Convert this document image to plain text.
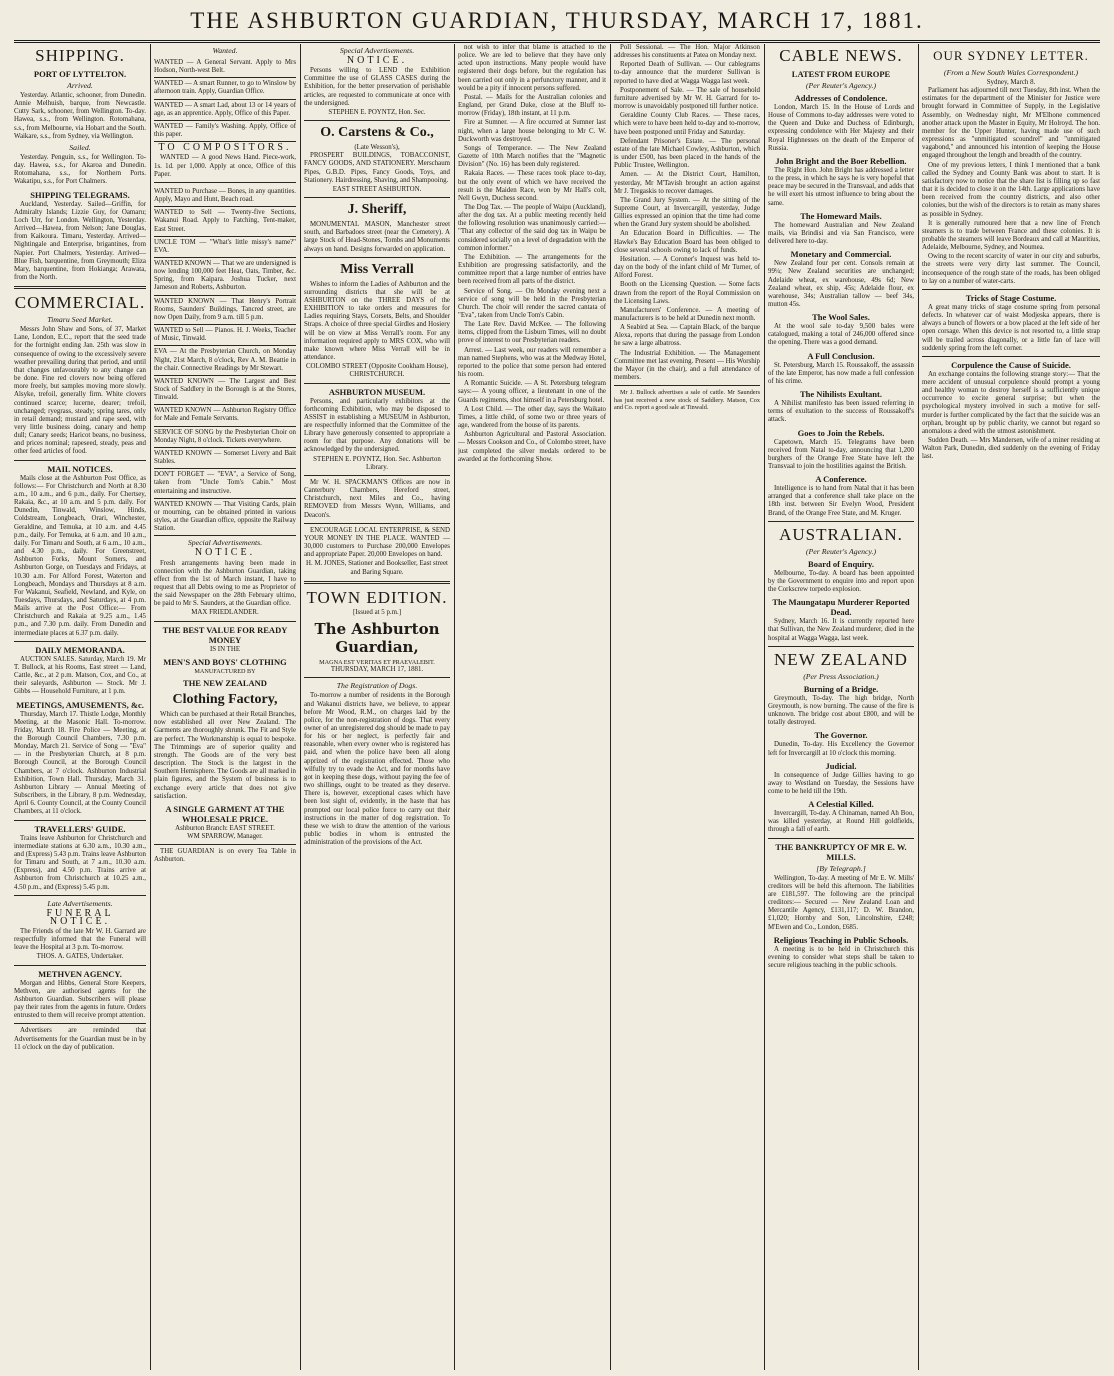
THE ASHBURTON GUARDIAN, THURSDAY, MARCH 17, 1881.
SHIPPING.
PORT OF LYTTELTON.
Arrived.

Yesterday. Atlantic, schooner, from Dunedin. Annie Melhuish, barque, from Newcastle. Cutty Sark, schooner, from Wellington. To-day. Hawea, s.s., from Wellington. Rotomahana, s.s., from Melbourne, via Hobart and the South. Waikare, s.s., from Sydney, via Wellington.

Sailed.

Yesterday. Penguin, s.s., for Wellington. To-day. Hawea, s.s., for Akaroa and Dunedin. Rotomahana, s.s., for Northern Ports. Wakatipu, s.s., for Port Chalmers.

SHIPPING TELEGRAMS.

Auckland, Yesterday. Sailed—Griffin, for Admiralty Islands; Lizzie Guy, for Oamaru; Loch Urr, for London. Wellington, Yesterday. Arrived—Hawea, from Nelson; Jane Douglas, from Kaikoura. Timaru, Yesterday. Arrived—Nightingale and Enterprise, brigantines, from Napier. Port Chalmers, Yesterday. Arrived—Blue Fish, barquentine, from Greymouth; Eliza Mary, barquentine, from Hokianga; Arawata, from the North.

COMMERCIAL.
Timaru Seed Market.

Messrs John Shaw and Sons, of 37, Market Lane, London, E.C., report that the seed trade for the fortnight ending Jan. 25th was slow in consequence of owing to the excessively severe weather prevailing during that period, and until that changes unfavourably to any change can be done. Fine red clovers now being offered more freely, but samples moving more slowly. Alsyke, trefoil, generally firm. White clovers continued scarce; lucerne, dearer; trefoil, unchanged; ryegrass, steady; spring tares, only in retail demand; mustard and rape seed, with very little business doing, canary and hemp dull; Canary seeds; Haricot beans, no business, and prices nominal; rapeseed, steady, peas and other feed articles of food.

MAIL NOTICES.

Mails close at the Ashburton Post Office, as follows:— For Christchurch and North at 8.30 a.m., 10 a.m., and 6 p.m., daily. For Chertsey, Rakaia, &c., at 10 a.m. and 5 p.m. daily. For Dunedin, Tinwald, Winslow, Hinds, Coldstream, Longbeach, Orari, Winchester, Geraldine, and Temuka, at 10 a.m. and 4.45 p.m., daily. For Temuka, at 6 a.m. and 10 a.m., daily. For Timaru and South, at 6 a.m., 10 a.m., and 4.30 p.m., daily. For Greenstreet, Ashburton Forks, Mount Somers, and Ashburton Gorge, on Tuesdays and Fridays, at 10.30 a.m. For Alford Forest, Waterton and Longbeach, Mondays and Thursdays at 8 a.m. For Wakanui, Seafield, Newland, and Kyle, on Tuesdays, Thursdays, and Saturdays, at 4 p.m. Mails arrive at the Post Office:— From Christchurch and Rakaia at 9.25 a.m., 1.45 p.m., and 7.30 p.m. daily. From Dunedin and intermediate places at 6.37 p.m. daily.

DAILY MEMORANDA.

AUCTION SALES. Saturday, March 19. Mr T. Bullock, at his Rooms, East street — Land, Cattle, &c., at 2 p.m. Matson, Cox, and Co., at their saleyards, Ashburton — Stock. Mr J. Gibbs — Household Furniture, at 1 p.m.

MEETINGS, AMUSEMENTS, &c.

Thursday, March 17. Thistle Lodge, Monthly Meeting, at the Masonic Hall. To-morrow. Friday, March 18. Fire Police — Meeting, at the Borough Council Chambers, 7.30 p.m. Monday, March 21. Service of Song — "Eva" — in the Presbyterian Church, at 8 p.m. Borough Council, at the Borough Council Chambers, at 7 o'clock. Ashburton Industrial Exhibition, Town Hall. Thursday, March 31. Ashburton Library — Annual Meeting of Subscribers, in the Library, 8 p.m. Wednesday, April 6. County Council, at the County Council Chambers, at 11 o'clock.

TRAVELLERS' GUIDE.

Trains leave Ashburton for Christchurch and intermediate stations at 6.30 a.m., 10.30 a.m., and (Express) 5.43 p.m. Trains leave Ashburton for Timaru and South, at 7 a.m., 10.30 a.m. (Express), and 4.50 p.m. Trains arrive at Ashburton from Christchurch at 10.25 a.m., 4.50 p.m., and (Express) 5.45 p.m.

Late Advertisements.
FUNERAL NOTICE.

The Friends of the late Mr W. H. Garrard are respectfully informed that the Funeral will leave the Hospital at 3 p.m. To-morrow.

THOS. A. GATES, Undertaker.
METHVEN AGENCY.

Morgan and Hibbs, General Store Keepers, Methven, are authorised agents for the Ashburton Guardian. Subscribers will please pay their rates from the agents in future. Orders entrusted to them will receive prompt attention.

Advertisers are reminded that Advertisements for the Guardian must be in by 11 o'clock on the day of publication.

Wanted.
WANTED — A General Servant. Apply to Mrs Hodson, North-west Belt.
WANTED — A smart Runner, to go to Winslow by afternoon train. Apply, Guardian Office.
WANTED — A smart Lad, about 13 or 14 years of age, as an apprentice. Apply, Office of this Paper.
WANTED — Family's Washing. Apply, Office of this paper.
TO COMPOSITORS.

WANTED — A good News Hand. Piece-work, 1s. 1d. per 1,000. Apply at once, Office of this Paper.

WANTED to Purchase — Bones, in any quantities. Apply, Mayo and Hunt, Beach road.
WANTED to Sell — Twenty-five Sections, Wakanui Road. Apply to Fatching, Tent-maker, East Street.
UNCLE TOM — "What's little missy's name?" EVA.
WANTED KNOWN — That we are undersigned is now lending 100,000 feet Heat, Oats, Timber, &c. Spring, from Kaipara. Joshua Tucker, next Jameson and Roberts, Ashburton.
WANTED KNOWN — That Henry's Portrait Rooms, Saunders' Buildings, Tancred street, are now Open Daily, from 9 a.m. till 5 p.m.
WANTED to Sell — Pianos. H. J. Weeks, Teacher of Music, Tinwald.
EVA — At the Presbyterian Church, on Monday Night, 21st March, 8 o'clock, Rev A. M. Beattie in the chair. Connective Readings by Mr Stewart.
WANTED KNOWN — The Largest and Best Stock of Saddlery in the Borough is at the Stores, Tinwald.
WANTED KNOWN — Ashburton Registry Office for Male and Female Servants.
SERVICE OF SONG by the Presbyterian Choir on Monday Night, 8 o'clock. Tickets everywhere.
WANTED KNOWN — Somerset Livery and Bait Stables.
DON'T FORGET — "EVA", a Service of Song, taken from "Uncle Tom's Cabin." Most entertaining and instructive.
WANTED KNOWN — That Visiting Cards, plain or mourning, can be obtained printed in various styles, at the Guardian office, opposite the Railway Station.
Special Advertisements.
NOTICE.

Fresh arrangements having been made in connection with the Ashburton Guardian, taking effect from the 1st of March instant, I have to request that all Debts owing to me as Proprietor of the said Newspaper on the 28th February ultimo, be paid to Mr S. Saunders, at the Guardian office.

MAX FRIEDLANDER.
THE BEST VALUE FOR READY MONEY
IS IN THE
MEN'S AND BOYS' CLOTHING
MANUFACTURED BY
THE NEW ZEALAND
Clothing Factory,

Which can be purchased at their Retail Branches, now established all over New Zealand. The Garments are thoroughly shrunk. The Fit and Style are perfect. The Workmanship is equal to bespoke. The Trimmings are of superior quality and strength. The Goods are of the very best description. The Stock is the largest in the Southern Hemisphere. The Goods are all marked in plain figures, and the System of business is to exchange every article that does not give satisfaction.

A SINGLE GARMENT AT THE WHOLESALE PRICE.
Ashburton Branch: EAST STREET.
WM SPARROW, Manager.

THE GUARDIAN is on every Tea Table in Ashburton.

Special Advertisements.
NOTICE.

Persons willing to LEND the Exhibition Committee the use of GLASS CASES during the Exhibition, for the better preservation of perishable articles, are requested to communicate at once with the undersigned.

STEPHEN E. POYNTZ, Hon. Sec.
O. Carstens & Co.,
(Late Wesson's),

PROSPERT BUILDINGS, TOBACCONIST, FANCY GOODS, AND STATIONERY. Merschaum Pipes, G.B.D. Pipes, Fancy Goods, Toys, and Stationery. Hairdressing, Shaving, and Shampooing.

EAST STREET ASHBURTON.
J. Sheriff,

MONUMENTAL MASON, Manchester street south, and Barbadoes street (near the Cemetery). A large Stock of Head-Stones, Tombs and Monuments always on hand. Designs forwarded on application.

Miss Verrall

Wishes to inform the Ladies of Ashburton and the surrounding districts that she will be at ASHBURTON on the THREE DAYS of the EXHIBITION to take orders and measures for Ladies requiring Stays, Corsets, Belts, and Shoulder Straps. A choice of three special Girdles and Hosiery will be on view at Miss Verrall's room. For any information required apply to MRS COX, who will make known where Miss Verrall will be in attendance.

COLOMBO STREET (Opposite Cookham House), CHRISTCHURCH.
ASHBURTON MUSEUM.

Persons, and particularly exhibitors at the forthcoming Exhibition, who may be disposed to ASSIST in establishing a MUSEUM in Ashburton, are respectfully informed that the Committee of the Library have generously consented to appropriate a room for that purpose. Any donations will be acknowledged by the undersigned.

STEPHEN E. POYNTZ, Hon. Sec. Ashburton Library.

Mr W. H. SPACKMAN'S Offices are now in Canterbury Chambers, Hereford street, Christchurch, next Miles and Co., having REMOVED from Messrs Wynn, Williams, and Deacon's.

ENCOURAGE LOCAL ENTERPRISE, & SEND YOUR MONEY IN THE PLACE. WANTED — 30,000 customers to Purchase 200,000 Envelopes and appropriate Paper. 20,000 Envelopes on hand.

H. M. JONES, Stationer and Bookseller, East street and Baring Square.
TOWN EDITION.
[Issued at 5 p.m.]
The Ashburton Guardian,
MAGNA EST VERITAS ET PRAEVALEBIT.
THURSDAY, MARCH 17, 1881.
The Registration of Dogs.

To-morrow a number of residents in the Borough and Wakanui districts have, we believe, to appear before Mr Wood, R.M., on charges laid by the police, for the non-registration of dogs. That every owner of an unregistered dog should be made to pay for his or her neglect, is perfectly fair and reasonable, when every owner who is registered has paid, and when the police have been all along apprized of the registration effected. Those who wilfully try to evade the Act, and for months have got in keeping these dogs, without paying the fee of two shillings, ought to be treated as they deserve. There is, however, exceptional cases which have been lost sight of, evidently, in the haste that has prompted our local police force to carry out their instructions in the matter of dog registration. To these we wish to draw the attention of the various public bodies in whom is entrusted the administration of the provisions of the Act.

not wish to infer that blame is attached to the police. We are led to believe that they have only acted upon instructions. Many people would have registered their dogs before, but the regulation has been carried out only in a perfunctory manner, and it would be a pity if innocent persons suffered.

Postal. — Mails for the Australian colonies and England, per Grand Duke, close at the Bluff to-morrow (Friday), 18th instant, at 11 p.m.

Fire at Sumner. — A fire occurred at Sumner last night, when a large house belonging to Mr C. W. Duckworth was destroyed.

Songs of Temperance. — The New Zealand Gazette of 10th March notifies that the "Magnetic Division" (No. 16) has been duly registered.

Rakaia Races. — These races took place to-day, but the only event of which we have received the result is the Maiden Race, won by Mr Hall's colt, Nell Gwyn, Duchess second.

The Dog Tax. — The people of Waipu (Auckland), after the dog tax. At a public meeting recently held the following resolution was unanimously carried:— "That any collector of the said dog tax in Waipu be considered socially on a level of degradation with the common informer."

The Exhibition. — The arrangements for the Exhibition are progressing satisfactorily, and the committee report that a large number of entries have been received from all parts of the district.

Service of Song. — On Monday evening next a service of song will be held in the Presbyterian Church. The choir will render the sacred cantata of "Eva", taken from Uncle Tom's Cabin.

The Late Rev. David McKee. — The following items, clipped from the Lisburn Times, will no doubt prove of interest to our Presbyterian readers.

Arrest. — Last week, our readers will remember a man named Stephens, who was at the Medway Hotel, reported to the police that some person had entered his room.

A Romantic Suicide. — A St. Petersburg telegram says:— A young officer, a lieutenant in one of the Guards regiments, shot himself in a Petersburg hotel.

A Lost Child. — The other day, says the Waikato Times, a little child, of some two or three years of age, wandered from the house of its parents.

Ashburton Agricultural and Pastoral Association. — Messrs Cookson and Co., of Colombo street, have just completed the silver medals ordered to be awarded at the forthcoming Show.

Poll Sessional. — The Hon. Major Atkinson addresses his constituents at Patea on Monday next.

Reported Death of Sullivan. — Our cablegrams to-day announce that the murderer Sullivan is reported to have died at Wagga Wagga last week.

Postponement of Sale. — The sale of household furniture advertised by Mr W. H. Garrard for to-morrow is unavoidably postponed till further notice.

Geraldine County Club Races. — These races, which were to have been held to-day and to-morrow, have been postponed until Friday and Saturday.

Defendant Prisoner's Estate. — The personal estate of the late Michael Cowley, Ashburton, which is under £500, has been placed in the hands of the Public Trustee, Wellington.

Amen. — At the District Court, Hamilton, yesterday, Mr M'Tavish brought an action against Mr J. Tregaskis to recover damages.

The Grand Jury System. — At the sitting of the Supreme Court, at Invercargill, yesterday, Judge Gillies expressed an opinion that the time had come when the Grand Jury system should be abolished.

An Education Board in Difficulties. — The Hawke's Bay Education Board has been obliged to close several schools owing to lack of funds.

Hesitation. — A Coroner's Inquest was held to-day on the body of the infant child of Mr Turner, of Alford Forest.

Booth on the Licensing Question. — Some facts drawn from the report of the Royal Commission on the Licensing Laws.

Manufacturers' Conference. — A meeting of manufacturers is to be held at Dunedin next month.

A Seabird at Sea. — Captain Black, of the barque Alexa, reports that during the passage from London he saw a large albatross.

The Industrial Exhibition. — The Management Committee met last evening. Present — His Worship the Mayor (in the chair), and a full attendance of members.

Mr J. Bullock advertises a sale of cattle. Mr Saunders has just received a new stock of Saddlery. Matson, Cox and Co. report a good sale at Tinwald.

CABLE NEWS.
LATEST FROM EUROPE
(Per Reuter's Agency.)
Addresses of Condolence.

London, March 15. In the House of Lords and House of Commons to-day addresses were voted to the Queen and Duke and Duchess of Edinburgh, expressing condolence with Her Majesty and their Royal Highnesses on the death of the Emperor of Russia.

John Bright and the Boer Rebellion.

The Right Hon. John Bright has addressed a letter to the press, in which he says he is very hopeful that peace may be secured in the Transvaal, and adds that he will exert his utmost influence to bring about the same.

The Homeward Mails.

The homeward Australian and New Zealand mails, via Brindisi and via San Francisco, were delivered here to-day.

Monetary and Commercial.

New Zealand four per cent. Consols remain at 99¼; New Zealand securities are unchanged; Adelaide wheat, ex warehouse, 49s 6d; New Zealand wheat, ex ship, 45s; Adelaide flour, ex warehouse, 34s; Australian tallow — beef 34s, mutton 45s.

The Wool Sales.

At the wool sale to-day 9,500 bales were catalogued, making a total of 246,000 offered since the opening. There was a good demand.

A Full Conclusion.

St. Petersburg, March 15. Roussakoff, the assassin of the late Emperor, has now made a full confession of his crime.

The Nihilists Exultant.

A Nihilist manifesto has been issued referring in terms of exultation to the success of Roussakoff's attack.

Goes to Join the Rebels.

Capetown, March 15. Telegrams have been received from Natal to-day, announcing that 1,200 burghers of the Orange Free State have left the Transvaal to join the hostilities against the British.

A Conference.

Intelligence is to hand from Natal that it has been arranged that a conference shall take place on the 18th inst. between Sir Evelyn Wood, President Brand, of the Orange Free State, and M. Kruger.

AUSTRALIAN.
(Per Reuter's Agency.)
Board of Enquiry.

Melbourne, To-day. A board has been appointed by the Government to enquire into and report upon the Corkscrew torpedo explosion.

The Maungatapu Murderer Reported Dead.

Sydney, March 16. It is currently reported here that Sullivan, the New Zealand murderer, died in the hospital at Wagga Wagga, last week.

NEW ZEALAND
(Per Press Association.)
Burning of a Bridge.

Greymouth, To-day. The high bridge, North Greymouth, is now burning. The cause of the fire is unknown. The bridge cost about £800, and will be totally destroyed.

The Governor.

Dunedin, To-day. His Excellency the Governor left for Invercargill at 10 o'clock this morning.

Judicial.

In consequence of Judge Gillies having to go away to Westland on Tuesday, the Sessions have come to be held till the 19th.

A Celestial Killed.

Invercargill, To-day. A Chinaman, named Ah Boo, was killed yesterday, at Round Hill goldfields, through a fall of earth.

THE BANKRUPTCY OF MR E. W. MILLS.
[By Telegraph.]

Wellington, To-day. A meeting of Mr E. W. Mills' creditors will be held this afternoon. The liabilities are £181,597. The following are the principal creditors:— Secured — New Zealand Loan and Mercantile Agency, £131,117; D. W. Brandon, £1,020; Hornby and Son, Lincolnshire, £248; M'Ewen and Co., London, £685.

Religious Teaching in Public Schools.

A meeting is to be held in Christchurch this evening to consider what steps shall be taken to secure religious teaching in the public schools.

OUR SYDNEY LETTER.
(From a New South Wales Correspondent.)
Sydney, March 8.

Parliament has adjourned till next Tuesday, 8th inst. When the estimates for the department of the Minister for Justice were brought forward in Committee of Supply, in the Legislative Assembly, on Wednesday night, Mr M'Elhone commenced another attack upon the Master in Equity, Mr Holroyd. The hon. member for the Upper Hunter, having made use of such expressions as "unmitigated scoundrel" and "unmitigated vagabond," and announced his intention of keeping the House engaged throughout the length and breadth of the country.

One of my previous letters, I think I mentioned that a bank called the Sydney and County Bank was about to start. It is satisfactory now to notice that the share list is filling up so fast that it is decided to close it on the 14th. Large applications have been received from the country districts, and also other colonies, but the wish of the directors is to retain as many shares as possible in Sydney.

It is generally rumoured here that a new line of French steamers is to trade between France and these colonies. It is probable the steamers will leave Bordeaux and call at Mauritius, Adelaide, Melbourne, Sydney, and Noumea.

Owing to the recent scarcity of water in our city and suburbs, the streets were very dirty last summer. The Council, inconsequence of the rough state of the roads, has been obliged to lay on a number of water-carts.

Tricks of Stage Costume.

A great many tricks of stage costume spring from personal defects. In whatever car of waist Modjeska appears, there is always a bunch of flowers or a bow placed at the left side of her open corsage. When this device is not resorted to, a little strap will be trailed across diagonally, or a little fan of lace will suddenly spring from the left corner.

Corpulence the Cause of Suicide.

An exchange contains the following strange story:— That the mere accident of unusual corpulence should prompt a young and healthy woman to destroy herself is a sufficiently unique occurrence to excite general surprise; but when the psychological mystery involved in such a motive for self-murder is further complicated by the fact that the suicide was an orphan, brought up by public charity, we cannot but regard so anomalous a deed with the utmost astonishment.

Sudden Death. — Mrs Mandersen, wife of a miner residing at Walton Park, Dunedin, died suddenly on the evening of Friday last.
